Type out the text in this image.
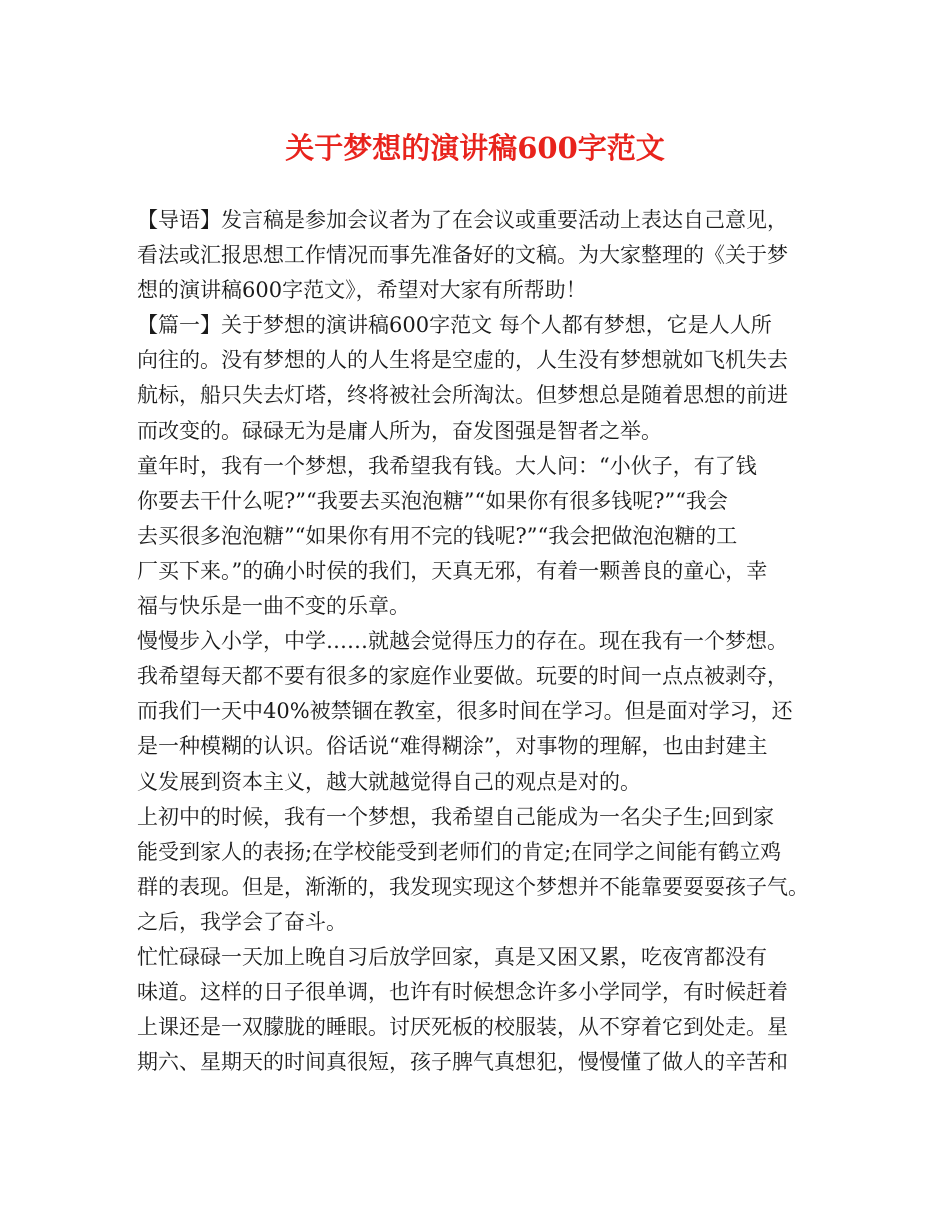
关于梦想的演讲稿600字范文
【导语】发言稿是参加会议者为了在会议或重要活动上表达自己意见，
看法或汇报思想工作情况而事先准备好的文稿。为大家整理的《关于梦
想的演讲稿600字范文》，希望对大家有所帮助！
【篇一】关于梦想的演讲稿600字范文 每个人都有梦想，它是人人所
向往的。没有梦想的人的人生将是空虚的，人生没有梦想就如飞机失去
航标，船只失去灯塔，终将被社会所淘汰。但梦想总是随着思想的前进
而改变的。碌碌无为是庸人所为，奋发图强是智者之举。
童年时，我有一个梦想，我希望我有钱。大人问：“小伙子，有了钱
你要去干什么呢?”“我要去买泡泡糖”“如果你有很多钱呢?”“我会
去买很多泡泡糖”“如果你有用不完的钱呢?”“我会把做泡泡糖的工
厂买下来。”的确小时侯的我们，天真无邪，有着一颗善良的童心，幸
福与快乐是一曲不变的乐章。
慢慢步入小学，中学……就越会觉得压力的存在。现在我有一个梦想。
我希望每天都不要有很多的家庭作业要做。玩要的时间一点点被剥夺，
而我们一天中40%被禁锢在教室，很多时间在学习。但是面对学习，还
是一种模糊的认识。俗话说“难得糊涂”，对事物的理解，也由封建主
义发展到资本主义，越大就越觉得自己的观点是对的。
上初中的时候，我有一个梦想，我希望自己能成为一名尖子生;回到家
能受到家人的表扬;在学校能受到老师们的肯定;在同学之间能有鹤立鸡
群的表现。但是，渐渐的，我发现实现这个梦想并不能靠要耍耍孩子气。
之后，我学会了奋斗。
忙忙碌碌一天加上晚自习后放学回家，真是又困又累，吃夜宵都没有
味道。这样的日子很单调，也许有时候想念许多小学同学，有时候赶着
上课还是一双朦胧的睡眼。讨厌死板的校服装，从不穿着它到处走。星
期六、星期天的时间真很短，孩子脾气真想犯，慢慢懂了做人的辛苦和
